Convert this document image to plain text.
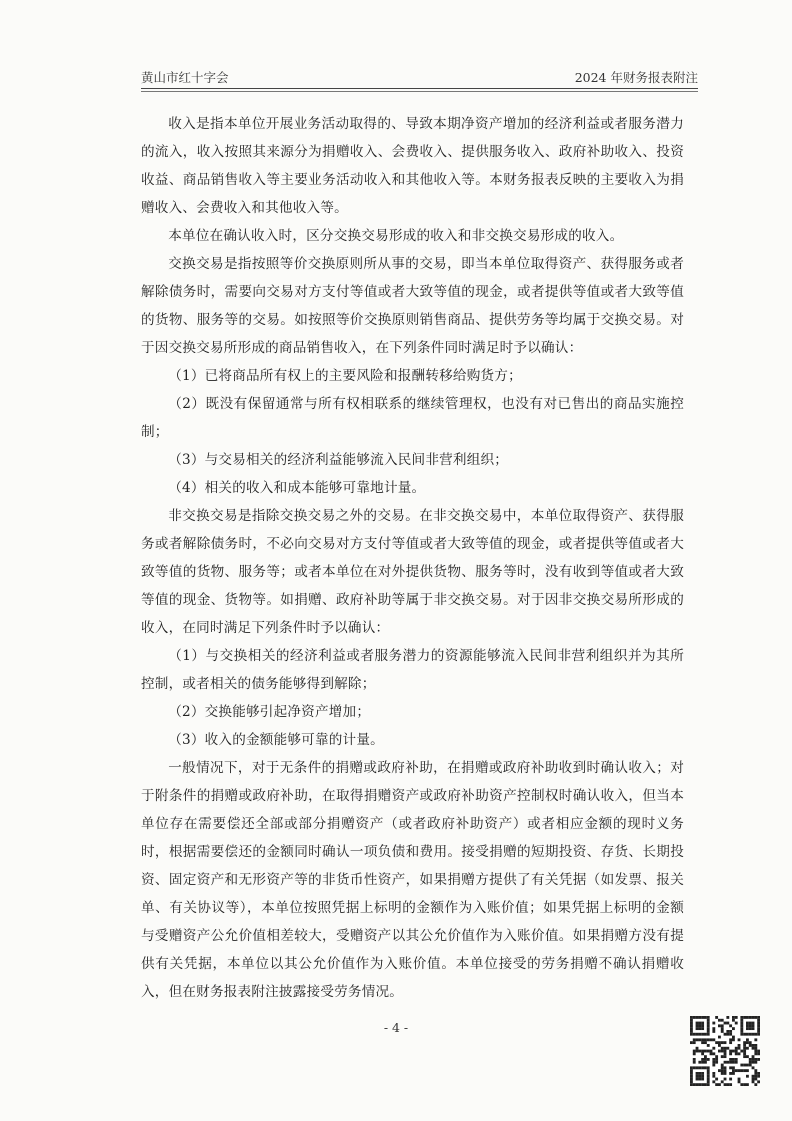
黄山市红十字会	2024 年财务报表附注

收入是指本单位开展业务活动取得的、导致本期净资产增加的经济利益或者服务潜力的流入，收入按照其来源分为捐赠收入、会费收入、提供服务收入、政府补助收入、投资收益、商品销售收入等主要业务活动收入和其他收入等。本财务报表反映的主要收入为捐赠收入、会费收入和其他收入等。

本单位在确认收入时，区分交换交易形成的收入和非交换交易形成的收入。

交换交易是指按照等价交换原则所从事的交易，即当本单位取得资产、获得服务或者解除债务时，需要向交易对方支付等值或者大致等值的现金，或者提供等值或者大致等值的货物、服务等的交易。如按照等价交换原则销售商品、提供劳务等均属于交换交易。对于因交换交易所形成的商品销售收入，在下列条件同时满足时予以确认：

（1）已将商品所有权上的主要风险和报酬转移给购货方；

（2）既没有保留通常与所有权相联系的继续管理权，也没有对已售出的商品实施控制；

（3）与交易相关的经济利益能够流入民间非营利组织；

（4）相关的收入和成本能够可靠地计量。

非交换交易是指除交换交易之外的交易。在非交换交易中，本单位取得资产、获得服务或者解除债务时，不必向交易对方支付等值或者大致等值的现金，或者提供等值或者大致等值的货物、服务等；或者本单位在对外提供货物、服务等时，没有收到等值或者大致等值的现金、货物等。如捐赠、政府补助等属于非交换交易。对于因非交换交易所形成的收入，在同时满足下列条件时予以确认：

（1）与交换相关的经济利益或者服务潜力的资源能够流入民间非营利组织并为其所控制，或者相关的债务能够得到解除；

（2）交换能够引起净资产增加；

（3）收入的金额能够可靠的计量。

一般情况下，对于无条件的捐赠或政府补助，在捐赠或政府补助收到时确认收入；对于附条件的捐赠或政府补助，在取得捐赠资产或政府补助资产控制权时确认收入，但当本单位存在需要偿还全部或部分捐赠资产（或者政府补助资产）或者相应金额的现时义务时，根据需要偿还的金额同时确认一项负债和费用。接受捐赠的短期投资、存货、长期投资、固定资产和无形资产等的非货币性资产，如果捐赠方提供了有关凭据（如发票、报关单、有关协议等），本单位按照凭据上标明的金额作为入账价值；如果凭据上标明的金额与受赠资产公允价值相差较大，受赠资产以其公允价值作为入账价值。如果捐赠方没有提供有关凭据，本单位以其公允价值作为入账价值。本单位接受的劳务捐赠不确认捐赠收入，但在财务报表附注披露接受劳务情况。

- 4 -
